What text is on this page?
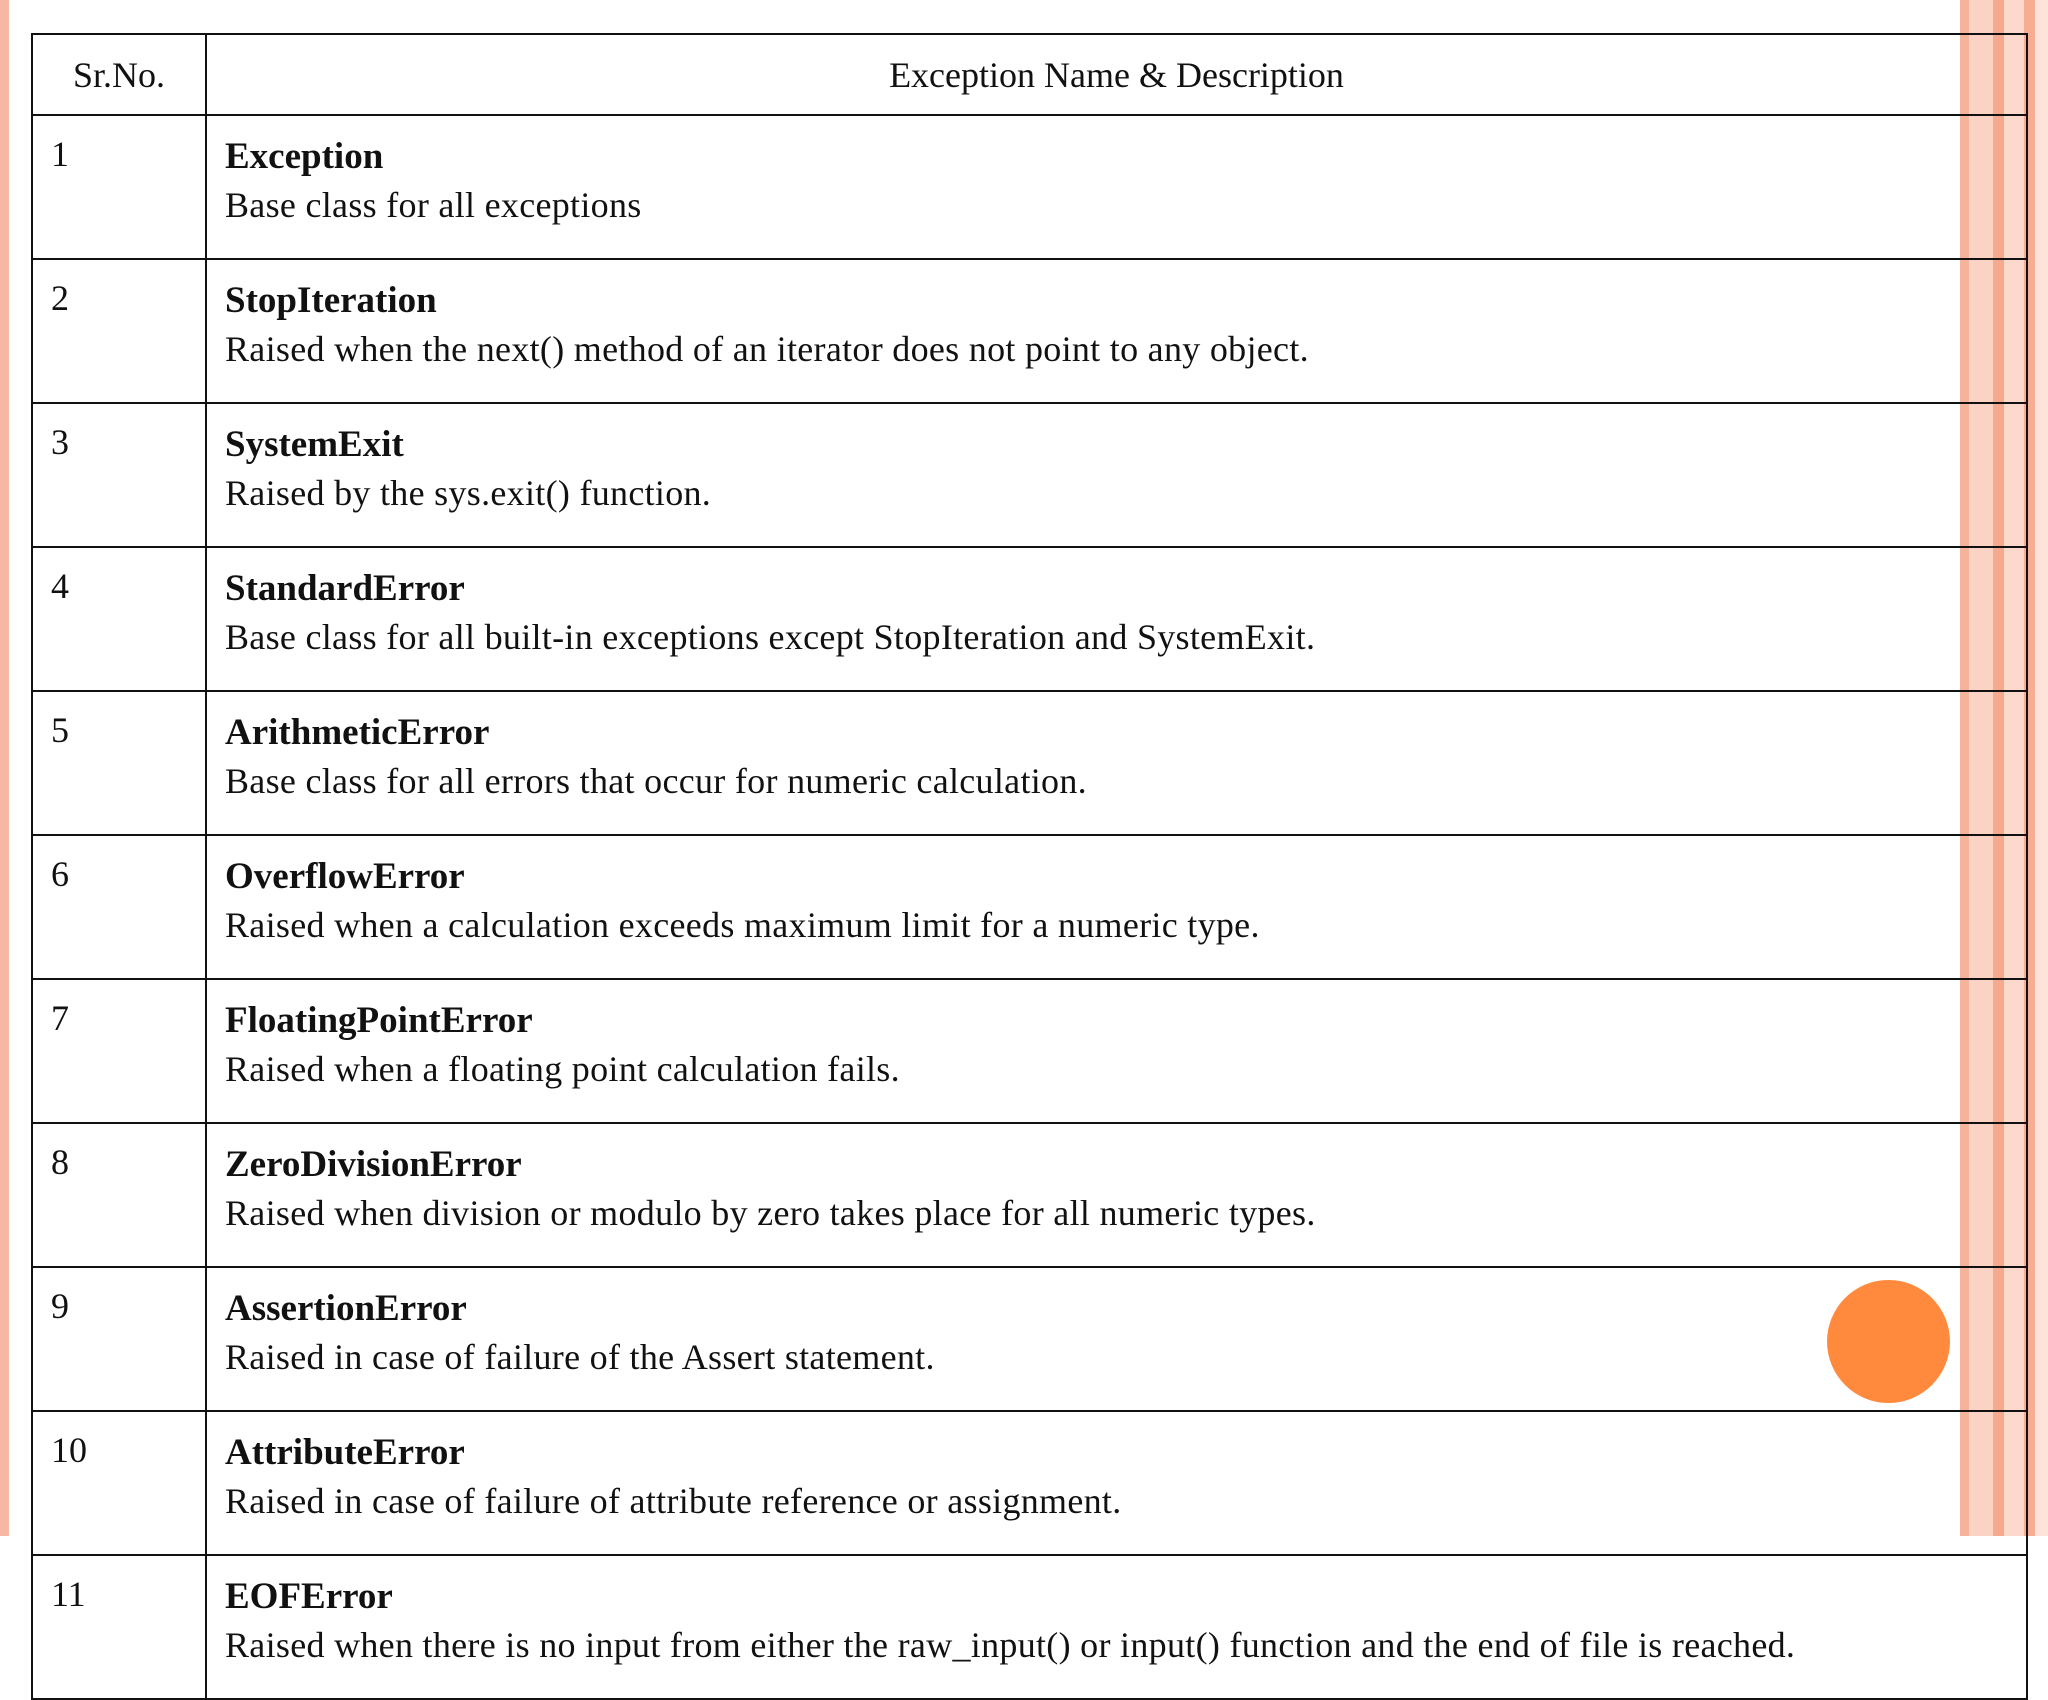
Sr.No.	Exception Name & Description
1	Exception
Base class for all exceptions

2	StopIteration
Raised when the next() method of an iterator does not point to any object.

3	SystemExit
Raised by the sys.exit() function.

4	StandardError
Base class for all built-in exceptions except StopIteration and SystemExit.

5	ArithmeticError
Base class for all errors that occur for numeric calculation.

6	OverflowError
Raised when a calculation exceeds maximum limit for a numeric type.

7	FloatingPointError
Raised when a floating point calculation fails.

8	ZeroDivisionError
Raised when division or modulo by zero takes place for all numeric types.

9	AssertionError
Raised in case of failure of the Assert statement.

10	AttributeError
Raised in case of failure of attribute reference or assignment.

11	EOFError
Raised when there is no input from either the raw_input() or input() function and the end of file is reached.
